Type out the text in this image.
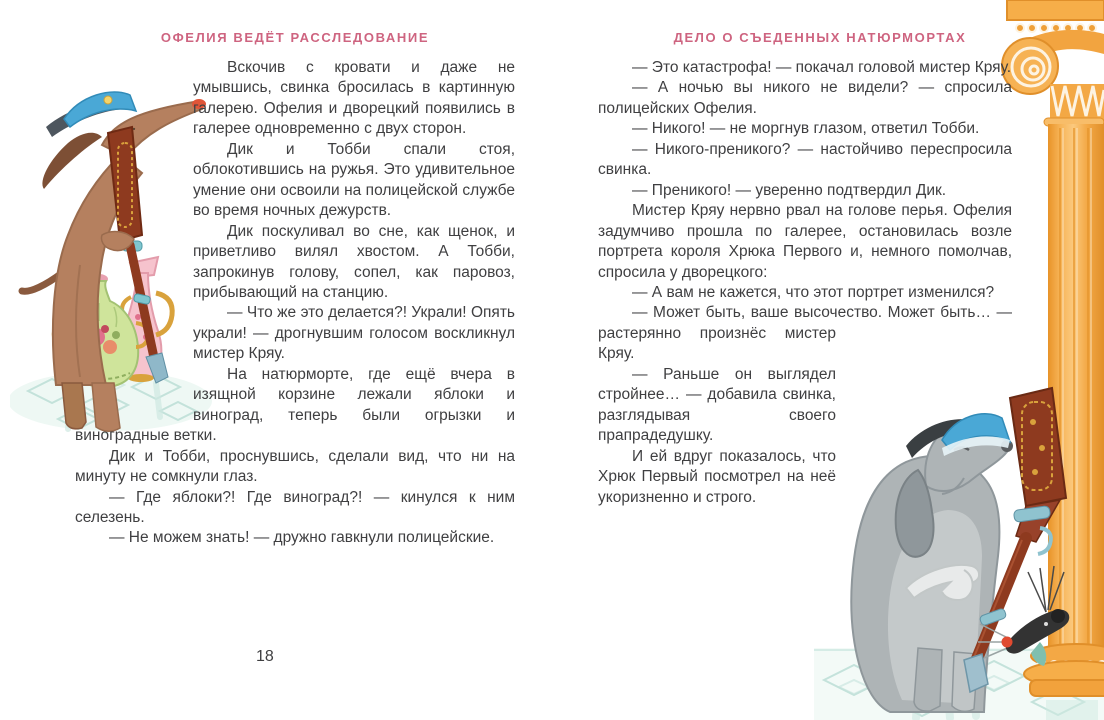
ОФЕЛИЯ ВЕДЁТ РАССЛЕДОВАНИЕ

Вскочив с кровати и даже не умывшись, свинка бросилась в картинную галерею. Офелия и дворецкий появились в галерее одновременно с двух сторон.

Дик и Тобби спали стоя, облокотившись на ружья. Это удивительное умение они освоили на полицейской службе во время ночных дежурств.

Дик поскуливал во сне, как щенок, и приветливо вилял хвостом. А Тобби, запрокинув голову, сопел, как паровоз, прибывающий на станцию.

— Что же это делается?! Украли! Опять украли! — дрогнувшим голосом воскликнул мистер Кряу.

На натюрморте, где ещё вчера в изящной корзине лежали яблоки и виноград, теперь были огрызки и виноградные ветки.

Дик и Тобби, проснувшись, сделали вид, что ни на минуту не сомкнули глаз.

— Где яблоки?! Где виноград?! — кинулся к ним селезень.

— Не можем знать! — дружно гавкнули полицейские.

ДЕЛО О СЪЕДЕННЫХ НАТЮРМОРТАХ

— Это катастрофа! — покачал головой мистер Кряу.

— А ночью вы никого не видели? — спросила полицейских Офелия.

— Никого! — не моргнув глазом, ответил Тобби.

— Никого-преникого? — настойчиво переспросила свинка.

— Преникого! — уверенно подтвердил Дик.

Мистер Кряу нервно рвал на голове перья. Офелия задумчиво прошла по галерее, остановилась возле портрета короля Хрюка Первого и, немного помолчав, спросила у дворецкого:

— А вам не кажется, что этот портрет изменился?

— Может быть, ваше высочество. Может быть… — растерянно произнёс мистер Кряу.

— Раньше он выглядел стройнее… — добавила свинка, разглядывая своего прапрадедушку.

И ей вдруг показалось, что Хрюк Первый посмотрел на неё укоризненно и строго.

18
